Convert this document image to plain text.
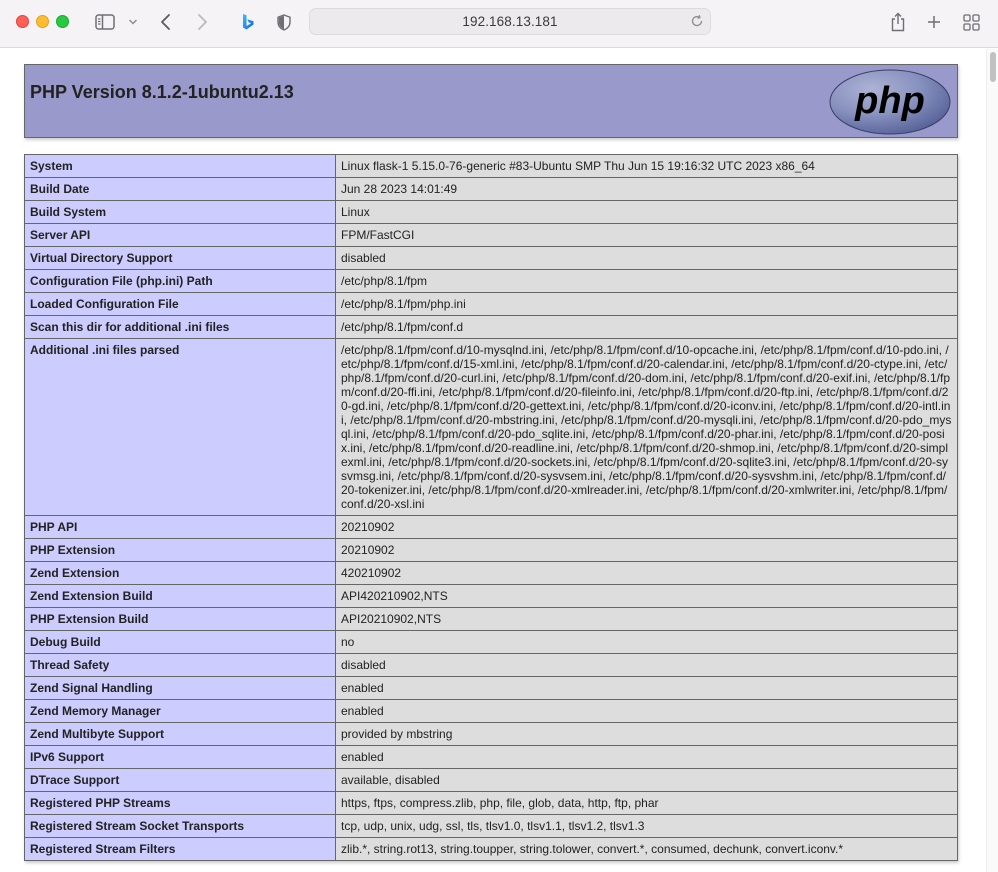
192.168.13.181
PHP Version 8.1.2-1ubuntu2.13	php
System	Linux flask-1 5.15.0-76-generic #83-Ubuntu SMP Thu Jun 15 19:16:32 UTC 2023 x86_64
Build Date	Jun 28 2023 14:01:49
Build System	Linux
Server API	FPM/FastCGI
Virtual Directory Support	disabled
Configuration File (php.ini) Path	/etc/php/8.1/fpm
Loaded Configuration File	/etc/php/8.1/fpm/php.ini
Scan this dir for additional .ini files	/etc/php/8.1/fpm/conf.d
Additional .ini files parsed	/etc/php/8.1/fpm/conf.d/10-mysqlnd.ini, /etc/php/8.1/fpm/conf.d/10-opcache.ini, /etc/php/8.1/fpm/conf.d/10-pdo.ini, /etc/php/8.1/fpm/conf.d/15-xml.ini, /etc/php/8.1/fpm/conf.d/20-calendar.ini, /etc/php/8.1/fpm/conf.d/20-ctype.ini, /etc/php/8.1/fpm/conf.d/20-curl.ini, /etc/php/8.1/fpm/conf.d/20-dom.ini, /etc/php/8.1/fpm/conf.d/20-exif.ini, /etc/php/8.1/fpm/conf.d/20-ffi.ini, /etc/php/8.1/fpm/conf.d/20-fileinfo.ini, /etc/php/8.1/fpm/conf.d/20-ftp.ini, /etc/php/8.1/fpm/conf.d/20-gd.ini, /etc/php/8.1/fpm/conf.d/20-gettext.ini, /etc/php/8.1/fpm/conf.d/20-iconv.ini, /etc/php/8.1/fpm/conf.d/20-intl.ini, /etc/php/8.1/fpm/conf.d/20-mbstring.ini, /etc/php/8.1/fpm/conf.d/20-mysqli.ini, /etc/php/8.1/fpm/conf.d/20-pdo_mysql.ini, /etc/php/8.1/fpm/conf.d/20-pdo_sqlite.ini, /etc/php/8.1/fpm/conf.d/20-phar.ini, /etc/php/8.1/fpm/conf.d/20-posix.ini, /etc/php/8.1/fpm/conf.d/20-readline.ini, /etc/php/8.1/fpm/conf.d/20-shmop.ini, /etc/php/8.1/fpm/conf.d/20-simplexml.ini, /etc/php/8.1/fpm/conf.d/20-sockets.ini, /etc/php/8.1/fpm/conf.d/20-sqlite3.ini, /etc/php/8.1/fpm/conf.d/20-sysvmsg.ini, /etc/php/8.1/fpm/conf.d/20-sysvsem.ini, /etc/php/8.1/fpm/conf.d/20-sysvshm.ini, /etc/php/8.1/fpm/conf.d/20-tokenizer.ini, /etc/php/8.1/fpm/conf.d/20-xmlreader.ini, /etc/php/8.1/fpm/conf.d/20-xmlwriter.ini, /etc/php/8.1/fpm/conf.d/20-xsl.ini
PHP API	20210902
PHP Extension	20210902
Zend Extension	420210902
Zend Extension Build	API420210902,NTS
PHP Extension Build	API20210902,NTS
Debug Build	no
Thread Safety	disabled
Zend Signal Handling	enabled
Zend Memory Manager	enabled
Zend Multibyte Support	provided by mbstring
IPv6 Support	enabled
DTrace Support	available, disabled
Registered PHP Streams	https, ftps, compress.zlib, php, file, glob, data, http, ftp, phar
Registered Stream Socket Transports	tcp, udp, unix, udg, ssl, tls, tlsv1.0, tlsv1.1, tlsv1.2, tlsv1.3
Registered Stream Filters	zlib.*, string.rot13, string.toupper, string.tolower, convert.*, consumed, dechunk, convert.iconv.*
